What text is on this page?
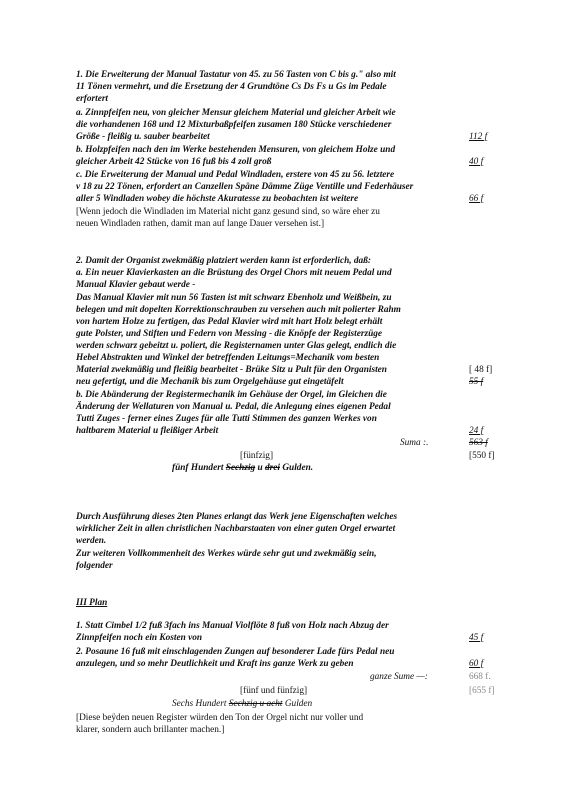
1. Die Erweiterung der Manual Tastatur von 45. zu 56 Tasten von C bis g." also mit
11 Tönen vermehrt, und die Ersetzung der 4 Grundtöne Cs Ds Fs u Gs im Pedale
erfortert
a. Zinnpfeifen neu, von gleicher Mensur gleichem Material und gleicher Arbeit wie
die vorhandenen 168 und 12 Mixturbaßpfeifen zusamen 180 Stücke verschiedener
Größe - fleißig u. sauber bearbeitet	112 f
b. Holzpfeifen nach den im Werke bestehenden Mensuren, von gleichem Holze und
gleicher Arbeit 42 Stücke von 16 fuß bis 4 zoll groß	40 f
c. Die Erweiterung der Manual und Pedal Windladen, erstere von 45 zu 56. letztere
v 18 zu 22 Tönen, erfordert an Canzellen Späne Dämme Züge Ventille und Federhäuser
aller 5 Windladen wobey die höchste Akuratesse zu beobachten ist weitere	66 f
[Wenn jedoch die Windladen im Material nicht ganz gesund sind, so wäre eher zu
neuen Windladen rathen, damit man auf lange Dauer versehen ist.]
2. Damit der Organist zwekmäßig platziert werden kann ist erforderlich, daß:
a. Ein neuer Klavierkasten an die Brüstung des Orgel Chors mit neuem Pedal und
Manual Klavier gebaut werde -
Das Manual Klavier mit nun 56 Tasten ist mit schwarz Ebenholz und Weißbein, zu
belegen und mit dopelten Korrektionschrauben zu versehen auch mit polierter Rahm
von hartem Holze zu fertigen, das Pedal Klavier wird mit hart Holz belegt erhält
gute Polster, und Stiften und Federn von Messing - die Knöpfe der Registerzüge
werden schwarz gebeitzt u. poliert, die Registernamen unter Glas gelegt, endlich die
Hebel Abstrakten und Winkel der betreffenden Leitungs=Mechanik vom besten
Material zwekmäßig und fleißig bearbeitet - Brüke Sitz u Pult für den Organisten	[ 48 f]
neu gefertigt, und die Mechanik bis zum Orgelgehäuse gut eingetäfelt	55 f
b. Die Abänderung der Registermechanik im Gehäuse der Orgel, im Gleichen die
Änderung der Wellaturen von Manual u. Pedal, die Anlegung eines eigenen Pedal
Tutti Zuges - ferner eines Zuges für alle Tutti Stimmen des ganzen Werkes von
haltbarem Material u fleißiger Arbeit	24 f
Suma :.	563 f
[fünfzig]	[550 f]
fünf Hundert Sechzig u drei Gulden.
Durch Ausführung dieses 2ten Planes erlangt das Werk jene Eigenschaften welches
wirklicher Zeit in allen christlichen Nachbarstaaten von einer guten Orgel erwartet
werden.
Zur weiteren Vollkommenheit des Werkes würde sehr gut und zwekmäßig sein,
folgender
III Plan
1. Statt Cimbel 1/2 fuß 3fach ins Manual Violflöte 8 fuß von Holz nach Abzug der
Zinnpfeifen noch ein Kosten von	45 f
2. Posaune 16 fuß mit einschlagenden Zungen auf besonderer Lade fürs Pedal neu
anzulegen, und so mehr Deutlichkeit und Kraft ins ganze Werk zu geben	60 f
ganze Sume —:	668 f.
[fünf und fünfzig]	[655 f]
Sechs Hundert Sechzig u acht Gulden
[Diese beÿden neuen Register würden den Ton der Orgel nicht nur voller und
klarer, sondern auch brillanter machen.]
